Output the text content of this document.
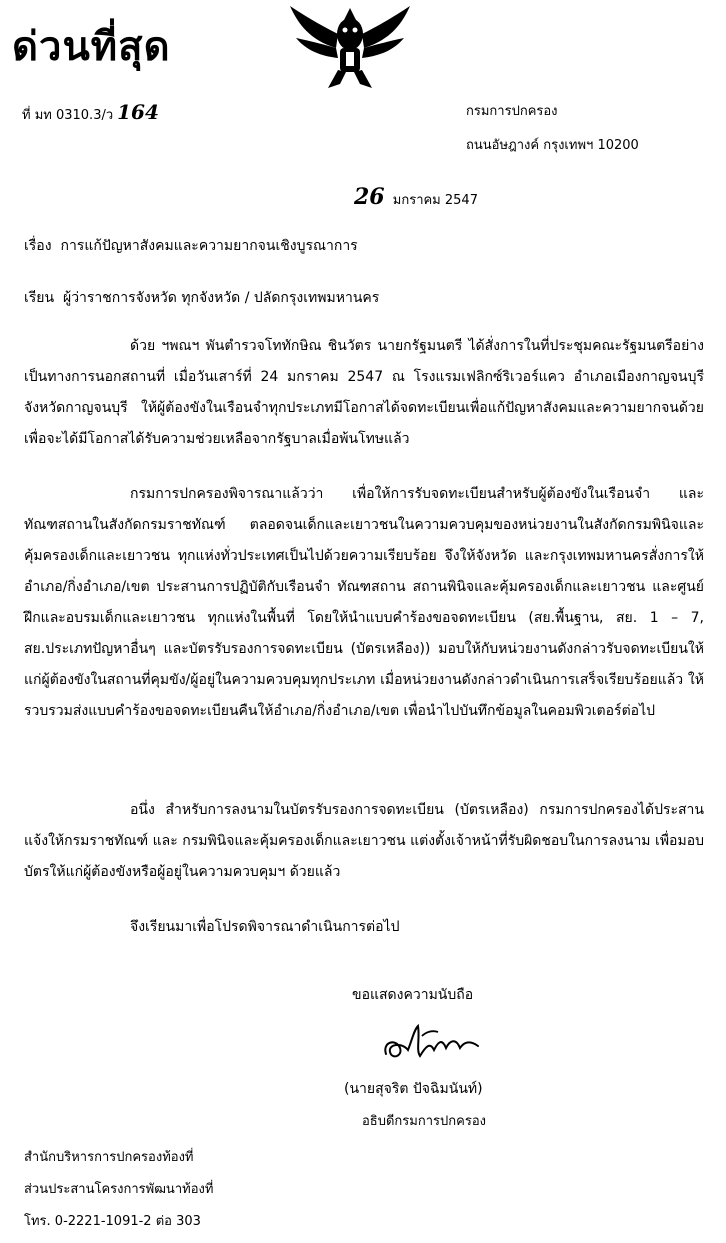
ด่วนที่สุด
ที่ มท 0310.3/ว 164	กรมการปกครอง
ถนนอัษฎางค์ กรุงเทพฯ 10200
26 มกราคม 2547
เรื่อง การแก้ปัญหาสังคมและความยากจนเชิงบูรณาการ
เรียน ผู้ว่าราชการจังหวัด ทุกจังหวัด / ปลัดกรุงเทพมหานคร
ด้วย ฯพณฯ พันตำรวจโททักษิณ ชินวัตร นายกรัฐมนตรี ได้สั่งการในที่ประชุมคณะรัฐมนตรีอย่างเป็นทางการนอกสถานที่ เมื่อวันเสาร์ที่ 24 มกราคม 2547 ณ โรงแรมเฟลิกซ์ริเวอร์แคว อำเภอเมืองกาญจนบุรี จังหวัดกาญจนบุรี ให้ผู้ต้องขังในเรือนจำทุกประเภทมีโอกาสได้จดทะเบียนเพื่อแก้ปัญหาสังคมและความยากจนด้วย เพื่อจะได้มีโอกาสได้รับความช่วยเหลือจากรัฐบาลเมื่อพ้นโทษแล้ว
กรมการปกครองพิจารณาแล้วว่า เพื่อให้การรับจดทะเบียนสำหรับผู้ต้องขังในเรือนจำ และทัณฑสถานในสังกัดกรมราชทัณฑ์ ตลอดจนเด็กและเยาวชนในความควบคุมของหน่วยงานในสังกัดกรมพินิจและคุ้มครองเด็กและเยาวชน ทุกแห่งทั่วประเทศเป็นไปด้วยความเรียบร้อย จึงให้จังหวัด และกรุงเทพมหานครสั่งการให้อำเภอ/กิ่งอำเภอ/เขต ประสานการปฏิบัติกับเรือนจำ ทัณฑสถาน สถานพินิจและคุ้มครองเด็กและเยาวชน และศูนย์ฝึกและอบรมเด็กและเยาวชน ทุกแห่งในพื้นที่ โดยให้นำแบบคำร้องขอจดทะเบียน (สย.พื้นฐาน, สย. 1 – 7, สย.ประเภทปัญหาอื่นๆ และบัตรรับรองการจดทะเบียน (บัตรเหลือง)) มอบให้กับหน่วยงานดังกล่าวรับจดทะเบียนให้แก่ผู้ต้องขังในสถานที่คุมขัง/ผู้อยู่ในความควบคุมทุกประเภท เมื่อหน่วยงานดังกล่าวดำเนินการเสร็จเรียบร้อยแล้ว ให้รวบรวมส่งแบบคำร้องขอจดทะเบียนคืนให้อำเภอ/กิ่งอำเภอ/เขต เพื่อนำไปบันทึกข้อมูลในคอมพิวเตอร์ต่อไป
อนึ่ง สำหรับการลงนามในบัตรรับรองการจดทะเบียน (บัตรเหลือง) กรมการปกครองได้ประสานแจ้งให้กรมราชทัณฑ์ และ กรมพินิจและคุ้มครองเด็กและเยาวชน แต่งตั้งเจ้าหน้าที่รับผิดชอบในการลงนาม เพื่อมอบบัตรให้แก่ผู้ต้องขังหรือผู้อยู่ในความควบคุมฯ ด้วยแล้ว
จึงเรียนมาเพื่อโปรดพิจารณาดำเนินการต่อไป
ขอแสดงความนับถือ
(นายสุจริต ปัจฉิมนันท์)
อธิบดีกรมการปกครอง
สำนักบริหารการปกครองท้องที่
ส่วนประสานโครงการพัฒนาท้องที่
โทร. 0-2221-1091-2 ต่อ 303
